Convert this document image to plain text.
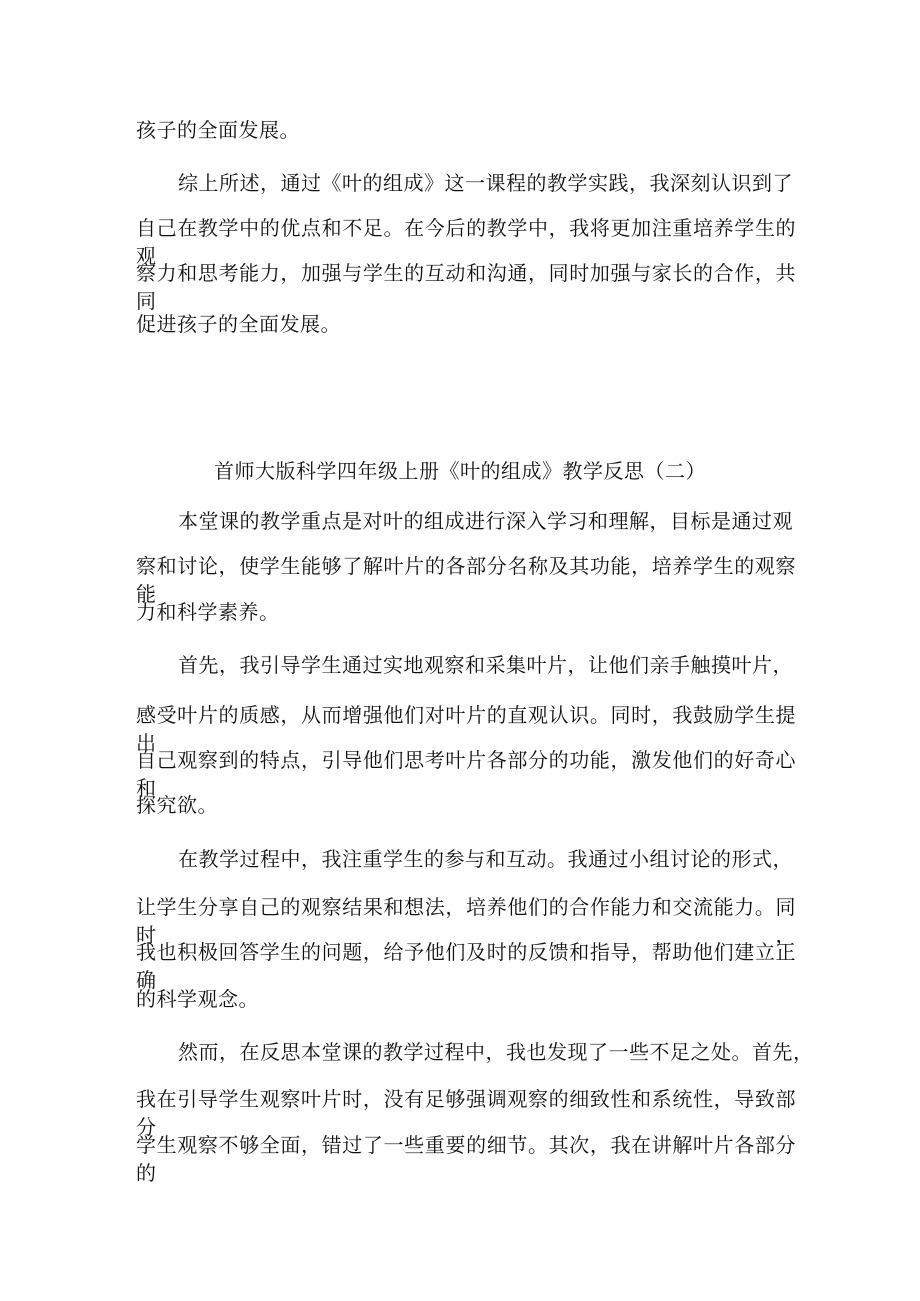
孩子的全面发展。
综上所述，通过《叶的组成》这一课程的教学实践，我深刻认识到了
自己在教学中的优点和不足。在今后的教学中，我将更加注重培养学生的观
察力和思考能力，加强与学生的互动和沟通，同时加强与家长的合作，共同
促进孩子的全面发展。
首师大版科学四年级上册《叶的组成》教学反思（二）
本堂课的教学重点是对叶的组成进行深入学习和理解，目标是通过观
察和讨论，使学生能够了解叶片的各部分名称及其功能，培养学生的观察能
力和科学素养。
首先，我引导学生通过实地观察和采集叶片，让他们亲手触摸叶片，
感受叶片的质感，从而增强他们对叶片的直观认识。同时，我鼓励学生提出
自己观察到的特点，引导他们思考叶片各部分的功能，激发他们的好奇心和
探究欲。
在教学过程中，我注重学生的参与和互动。我通过小组讨论的形式，
让学生分享自己的观察结果和想法，培养他们的合作能力和交流能力。同时，
我也积极回答学生的问题，给予他们及时的反馈和指导，帮助他们建立正确
的科学观念。
然而，在反思本堂课的教学过程中，我也发现了一些不足之处。首先，
我在引导学生观察叶片时，没有足够强调观察的细致性和系统性，导致部分
学生观察不够全面，错过了一些重要的细节。其次，我在讲解叶片各部分的
